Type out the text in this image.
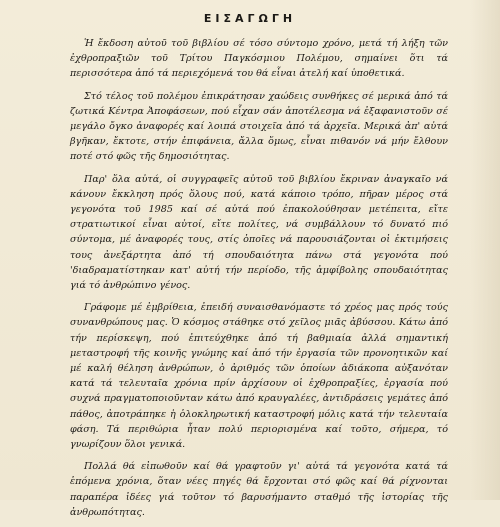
ΕΙΣΑΓΩΓΗ

Ἡ ἔκδοση αὐτοῦ τοῦ βιβλίου σέ τόσο σύντομο χρόνο, μετά τή λήξη τῶν ἐχθροπραξιῶν τοῦ Τρίτου Παγκόσμιου Πολέμου, σημαίνει ὅτι τά περισσότερα ἀπό τά περιεχόμενά του θά εἶναι ἀτελή καί ὑποθετικά.

Στό τέλος τοῦ πολέμου ἐπικράτησαν χαώδεις συνθήκες σέ μερικά ἀπό τά ζωτικά Κέντρα Ἀποφάσεων, πού εἶχαν σάν ἀποτέλεσμα νά ἐξαφανιστοῦν σέ μεγάλο ὄγκο ἀναφορές καί λοιπά στοιχεῖα ἀπό τά ἀρχεῖα. Μερικά ἀπ' αὐτά βγῆκαν, ἔκτοτε, στήν ἐπιφάνεια, ἄλλα ὅμως, εἶναι πιθανόν νά μήν ἔλθουν ποτέ στό φῶς τῆς δημοσιότητας.

Παρ' ὅλα αὐτά, οἱ συγγραφεῖς αὐτοῦ τοῦ βιβλίου ἔκριναν ἀναγκαῖο νά κάνουν ἔκκληση πρός ὅλους πού, κατά κάποιο τρόπο, πῆραν μέρος στά γεγονότα τοῦ 1985 καί σέ αὐτά πού ἐπακολούθησαν μετέπειτα, εἴτε στρατιωτικοί εἶναι αὐτοί, εἴτε πολίτες, νά συμβάλλουν τό δυνατό πιό σύντομα, μέ ἀναφορές τους, στίς ὁποῖες νά παρουσιάζονται οἱ ἐκτιμήσεις τους ἀνεξάρτητα ἀπό τή σπουδαιότητα πάνω στά γεγονότα πού 'διαδραματίστηκαν κατ' αὐτή τήν περίοδο, τῆς ἀμφίβολης σπουδαιότητας γιά τό ἀνθρώπινο γένος.

Γράφομε μέ ἐμβρίθεια, ἐπειδή συναισθανόμαστε τό χρέος μας πρός τούς συνανθρώπους μας. Ὁ κόσμος στάθηκε στό χεῖλος μιᾶς ἀβύσσου. Κάτω ἀπό τήν περίσκεψη, πού ἐπιτεύχθηκε ἀπό τή βαθμιαία ἀλλά σημαντική μεταστροφή τῆς κοινῆς γνώμης καί ἀπό τήν ἐργασία τῶν προνοητικῶν καί μέ καλή θέληση ἀνθρώπων, ὁ ἀριθμός τῶν ὁποίων ἀδιάκοπα αὐξανόταν κατά τά τελευταῖα χρόνια πρίν ἀρχίσουν οἱ ἐχθροπραξίες, ἐργασία πού συχνά πραγματοποιοῦνταν κάτω ἀπό κραυγαλέες, ἀντιδράσεις γεμάτες ἀπό πάθος, ἀποτράπηκε ἡ ὁλοκληρωτική καταστροφή μόλις κατά τήν τελευταία φάση. Τά περιθώρια ἦταν πολύ περιορισμένα καί τοῦτο, σήμερα, τό γνωρίζουν ὅλοι γενικά.

Πολλά θά εἰπωθοῦν καί θά γραφτοῦν γι' αὐτά τά γεγονότα κατά τά ἑπόμενα χρόνια, ὅταν νέες πηγές θά ἔρχονται στό φῶς καί θά ρίχνονται παραπέρα ἰδέες γιά τοῦτον τό βαρυσήμαντο σταθμό τῆς ἱστορίας τῆς ἀνθρωπότητας.
